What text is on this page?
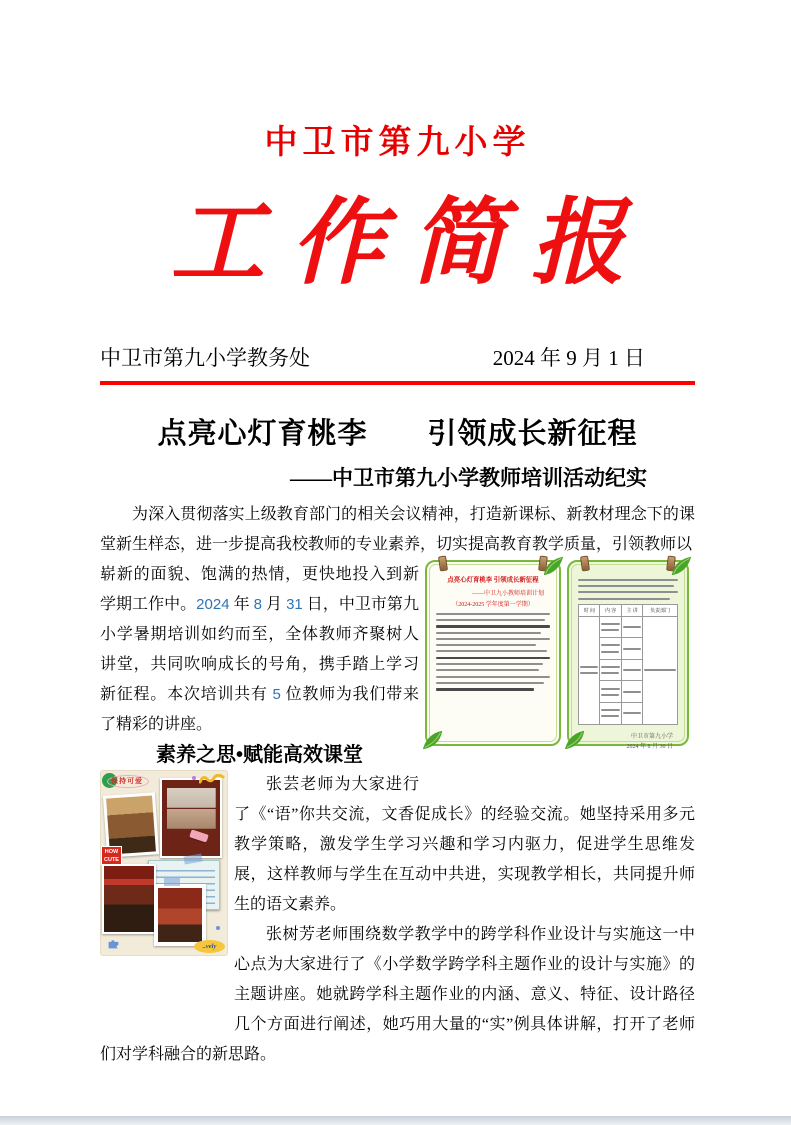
中卫市第九小学
工作简报
中卫市第九小学教务处	2024 年 9 月 1 日
点亮心灯育桃李　　引领成长新征程
——中卫市第九小学教师培训活动纪实

为深入贯彻落实上级教育部门的相关会议精神，打造新课标、新教材理念下的课堂新生样态，进一步提高我校教师的专业素养，切实提高教育教学质量，引领教师以

点亮心灯育桃李 引领成长新征程
——中卫九小教师培训计划
（2024-2025 学年度第一学期）
时 间	内 容	主 讲	负责部门

中卫市第九小学
2024 年 8 月 30 日

崭新的面貌、饱满的热情，更快地投入到新学期工作中。2024 年 8 月 31 日，中卫市第九小学暑期培训如约而至，全体教师齐聚树人讲堂，共同吹响成长的号角，携手踏上学习新征程。本次培训共有 5 位教师为我们带来了精彩的讲座。

素养之思•赋能高效课堂
保持可爱
HOW CUTE
..vely

张芸老师为大家进行了《“语”你共交流，文香促成长》的经验交流。她坚持采用多元教学策略，激发学生学习兴趣和学习内驱力，促进学生思维发展，这样教师与学生在互动中共进，实现教学相长，共同提升师生的语文素养。

张树芳老师围绕数学教学中的跨学科作业设计与实施这一中心点为大家进行了《小学数学跨学科主题作业的设计与实施》的主题讲座。她就跨学科主题作业的内涵、意义、特征、设计路径几个方面进行阐述，她巧用大量的“实”例具体讲解，打开了老师们对学科融合的新思路。
